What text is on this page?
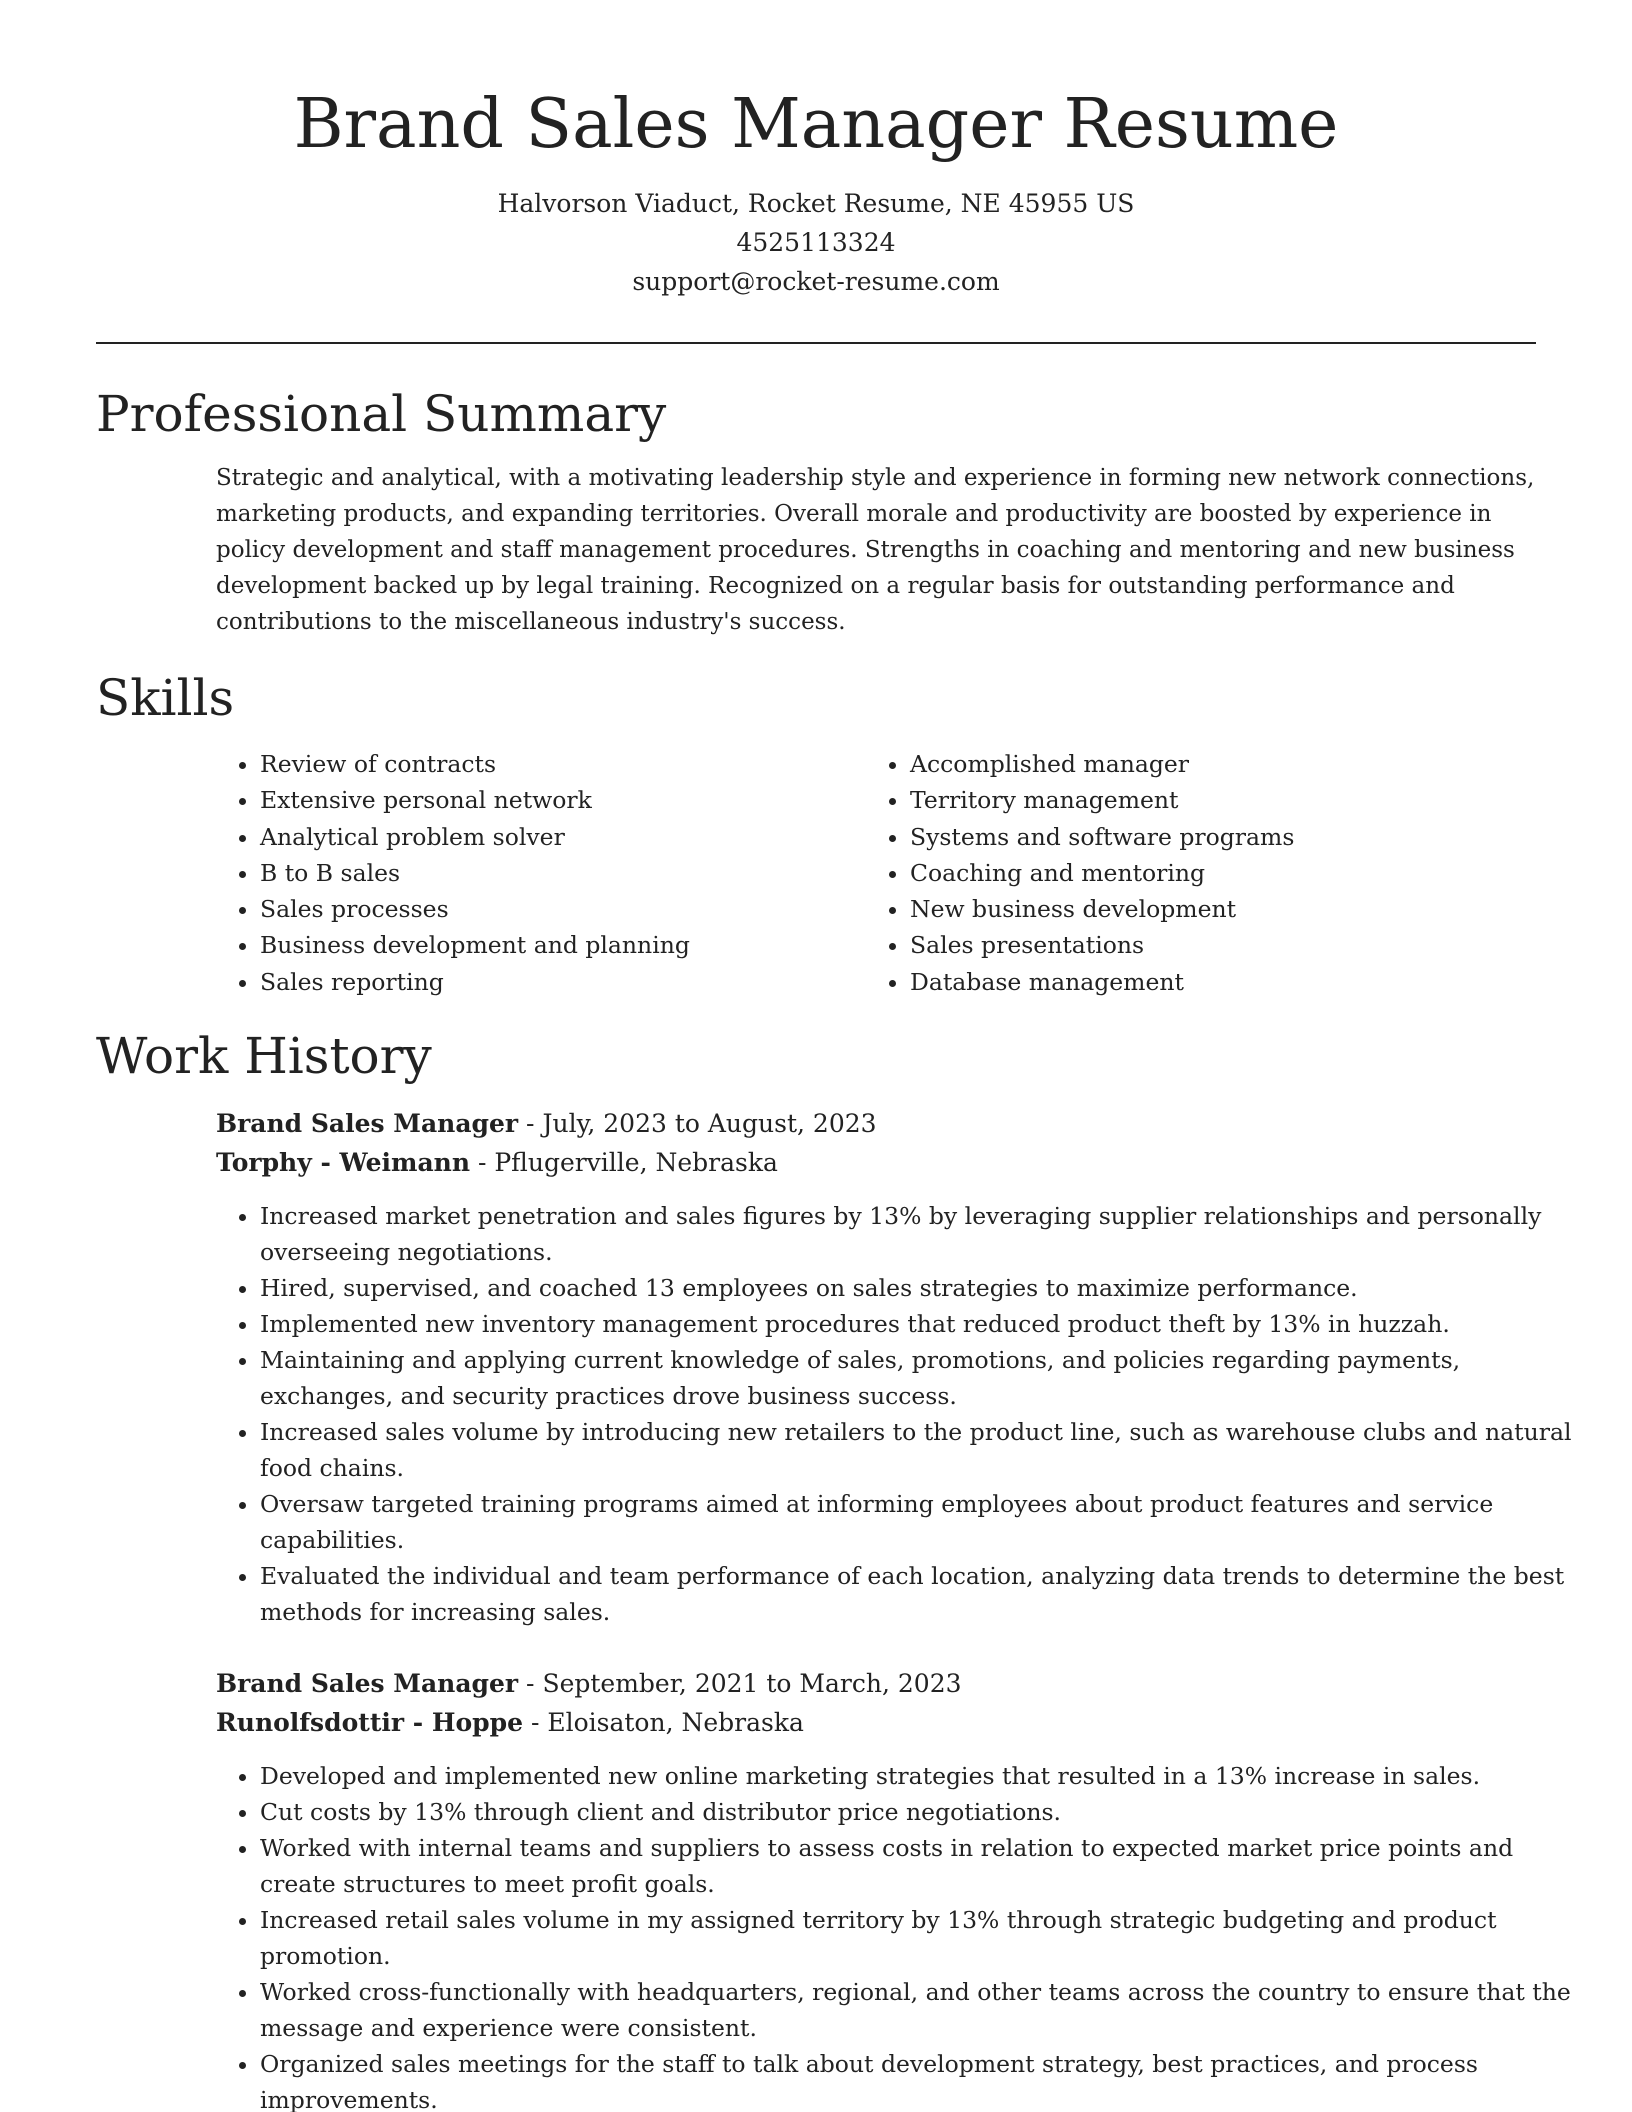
Brand Sales Manager Resume
Halvorson Viaduct, Rocket Resume, NE 45955 US
4525113324
support@rocket-resume.com
Professional Summary

Strategic and analytical, with a motivating leadership style and experience in forming new network connections, marketing products, and expanding territories. Overall morale and productivity are boosted by experience in policy development and staff management procedures. Strengths in coaching and mentoring and new business development backed up by legal training. Recognized on a regular basis for outstanding performance and contributions to the miscellaneous industry's success.

Skills
• Review of contracts
• Extensive personal network
• Analytical problem solver
• B to B sales
• Sales processes
• Business development and planning
• Sales reporting
• Accomplished manager
• Territory management
• Systems and software programs
• Coaching and mentoring
• New business development
• Sales presentations
• Database management
Work History
Brand Sales Manager - July, 2023 to August, 2023
Torphy - Weimann - Pflugerville, Nebraska
• Increased market penetration and sales figures by 13% by leveraging supplier relationships and personally overseeing negotiations.
• Hired, supervised, and coached 13 employees on sales strategies to maximize performance.
• Implemented new inventory management procedures that reduced product theft by 13% in huzzah.
• Maintaining and applying current knowledge of sales, promotions, and policies regarding payments, exchanges, and security practices drove business success.
• Increased sales volume by introducing new retailers to the product line, such as warehouse clubs and natural food chains.
• Oversaw targeted training programs aimed at informing employees about product features and service capabilities.
• Evaluated the individual and team performance of each location, analyzing data trends to determine the best methods for increasing sales.
Brand Sales Manager - September, 2021 to March, 2023
Runolfsdottir - Hoppe - Eloisaton, Nebraska
• Developed and implemented new online marketing strategies that resulted in a 13% increase in sales.
• Cut costs by 13% through client and distributor price negotiations.
• Worked with internal teams and suppliers to assess costs in relation to expected market price points and create structures to meet profit goals.
• Increased retail sales volume in my assigned territory by 13% through strategic budgeting and product promotion.
• Worked cross-functionally with headquarters, regional, and other teams across the country to ensure that the message and experience were consistent.
• Organized sales meetings for the staff to talk about development strategy, best practices, and process improvements.
